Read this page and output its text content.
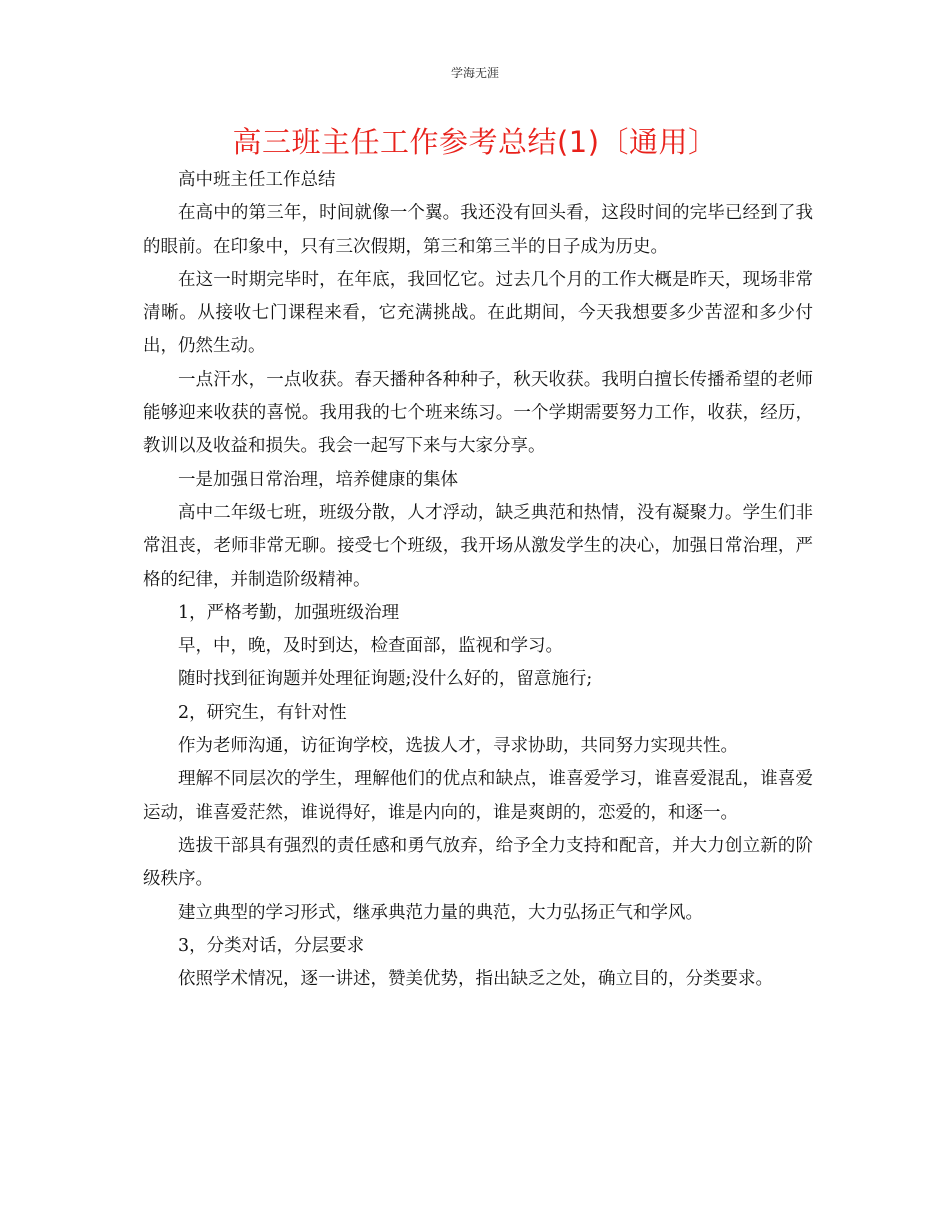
学海无涯
高三班主任工作参考总结(1)〔通用〕

高中班主任工作总结

在高中的第三年，时间就像一个翼。我还没有回头看，这段时间的完毕已经到了我的眼前。在印象中，只有三次假期，第三和第三半的日子成为历史。

在这一时期完毕时，在年底，我回忆它。过去几个月的工作大概是昨天，现场非常清晰。从接收七门课程来看，它充满挑战。在此期间，今天我想要多少苦涩和多少付出，仍然生动。

一点汗水，一点收获。春天播种各种种子，秋天收获。我明白擅长传播希望的老师能够迎来收获的喜悦。我用我的七个班来练习。一个学期需要努力工作，收获，经历，教训以及收益和损失。我会一起写下来与大家分享。

一是加强日常治理，培养健康的集体

高中二年级七班，班级分散，人才浮动，缺乏典范和热情，没有凝聚力。学生们非常沮丧，老师非常无聊。接受七个班级，我开场从激发学生的决心，加强日常治理，严格的纪律，并制造阶级精神。

1，严格考勤，加强班级治理

早，中，晚，及时到达，检查面部，监视和学习。

随时找到征询题并处理征询题;没什么好的，留意施行;

2，研究生，有针对性

作为老师沟通，访征询学校，选拔人才，寻求协助，共同努力实现共性。

理解不同层次的学生，理解他们的优点和缺点，谁喜爱学习，谁喜爱混乱，谁喜爱运动，谁喜爱茫然，谁说得好，谁是内向的，谁是爽朗的，恋爱的，和逐一。

选拔干部具有强烈的责任感和勇气放弃，给予全力支持和配音，并大力创立新的阶级秩序。

建立典型的学习形式，继承典范力量的典范，大力弘扬正气和学风。

3，分类对话，分层要求

依照学术情况，逐一讲述，赞美优势，指出缺乏之处，确立目的，分类要求。
